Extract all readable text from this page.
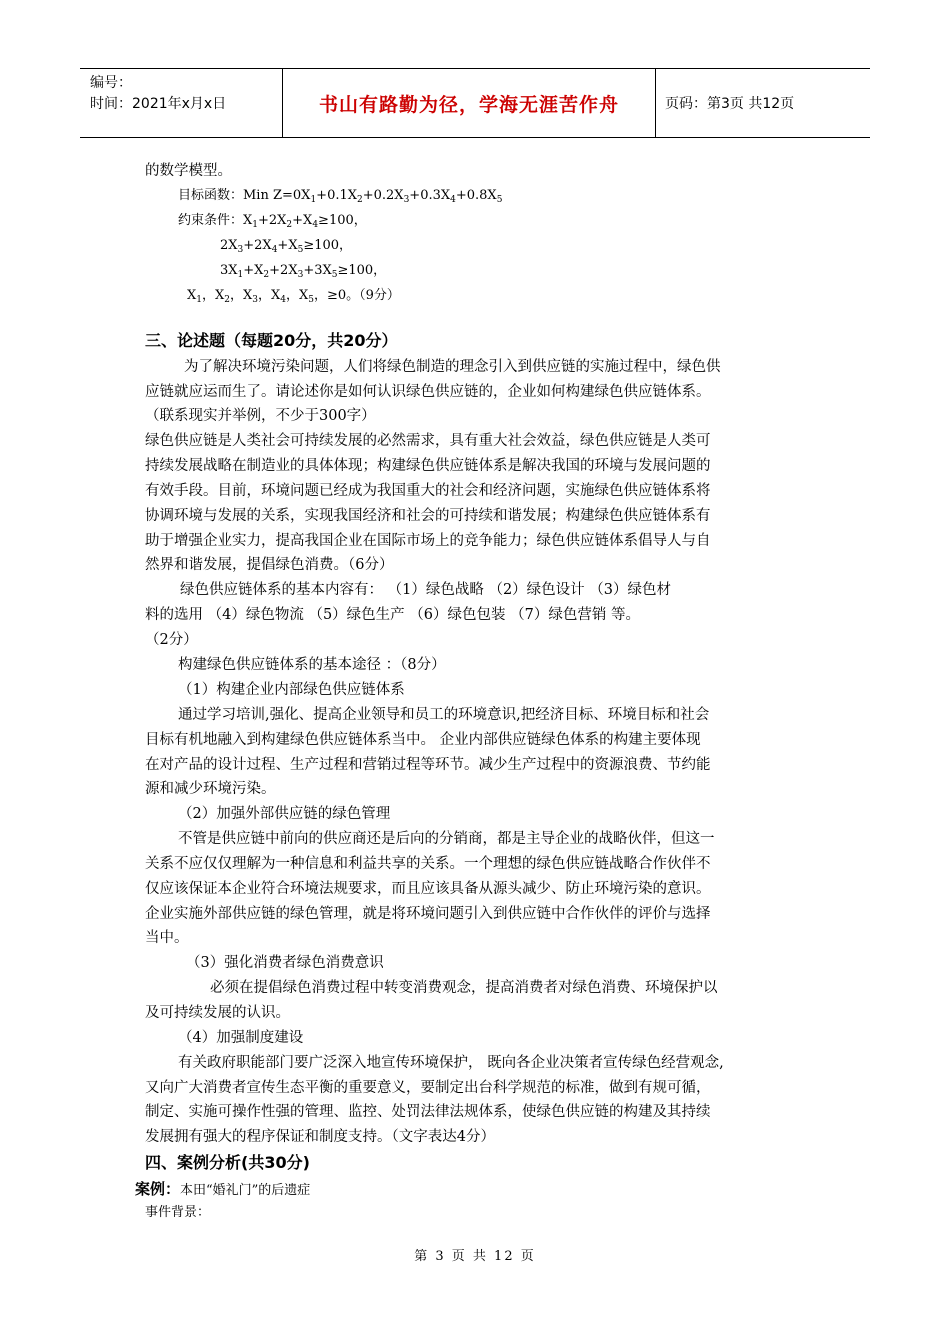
编号：
时间：2021年x月x日	书山有路勤为径，学海无涯苦作舟	页码：第3页 共12页
的数学模型。
目标函数：Min $Z=0X_1+0.1X_2+0.2X_3+0.3X_4+0.8X_5$
约束条件：$X_1+2X_2+X_4\ge 100$，
$2X_3+2X_4+X_5\ge 100$，
$3X_1+X_2+2X_3+3X_5\ge 100$，
$X_1$，$X_2$，$X_3$，$X_4$，$X_5$，≥0。（9分）
三、论述题（每题20分，共20分）
为了解决环境污染问题，人们将绿色制造的理念引入到供应链的实施过程中，绿色供
应链就应运而生了。请论述你是如何认识绿色供应链的，企业如何构建绿色供应链体系。
（联系现实并举例，不少于300字）
绿色供应链是人类社会可持续发展的必然需求，具有重大社会效益，绿色供应链是人类可
持续发展战略在制造业的具体体现；构建绿色供应链体系是解决我国的环境与发展问题的
有效手段。目前，环境问题已经成为我国重大的社会和经济问题，实施绿色供应链体系将
协调环境与发展的关系，实现我国经济和社会的可持续和谐发展；构建绿色供应链体系有
助于增强企业实力，提高我国企业在国际市场上的竞争能力；绿色供应链体系倡导人与自
然界和谐发展，提倡绿色消费。（6分）
绿色供应链体系的基本内容有： （1）绿色战略 （2）绿色设计 （3）绿色材
料的选用 （4）绿色物流 （5）绿色生产 （6）绿色包装 （7）绿色营销 等。
（2分）
构建绿色供应链体系的基本途径 ：（8分）
（1）构建企业内部绿色供应链体系
通过学习培训,强化、提高企业领导和员工的环境意识,把经济目标、环境目标和社会
目标有机地融入到构建绿色供应链体系当中。 企业内部供应链绿色体系的构建主要体现
在对产品的设计过程、生产过程和营销过程等环节。减少生产过程中的资源浪费、节约能
源和减少环境污染。
（2）加强外部供应链的绿色管理
不管是供应链中前向的供应商还是后向的分销商，都是主导企业的战略伙伴，但这一
关系不应仅仅理解为一种信息和利益共享的关系。一个理想的绿色供应链战略合作伙伴不
仅应该保证本企业符合环境法规要求，而且应该具备从源头减少、防止环境污染的意识。
企业实施外部供应链的绿色管理，就是将环境问题引入到供应链中合作伙伴的评价与选择
当中。
（3）强化消费者绿色消费意识
必须在提倡绿色消费过程中转变消费观念，提高消费者对绿色消费、环境保护以
及可持续发展的认识。
（4）加强制度建设
有关政府职能部门要广泛深入地宣传环境保护， 既向各企业决策者宣传绿色经营观念,
又向广大消费者宣传生态平衡的重要意义，要制定出台科学规范的标准，做到有规可循，
制定、实施可操作性强的管理、监控、处罚法律法规体系，使绿色供应链的构建及其持续
发展拥有强大的程序保证和制度支持。（文字表达4分）
四、案例分析(共30分)
案例：本田“婚礼门”的后遗症
事件背景：
第 3 页 共 12 页
